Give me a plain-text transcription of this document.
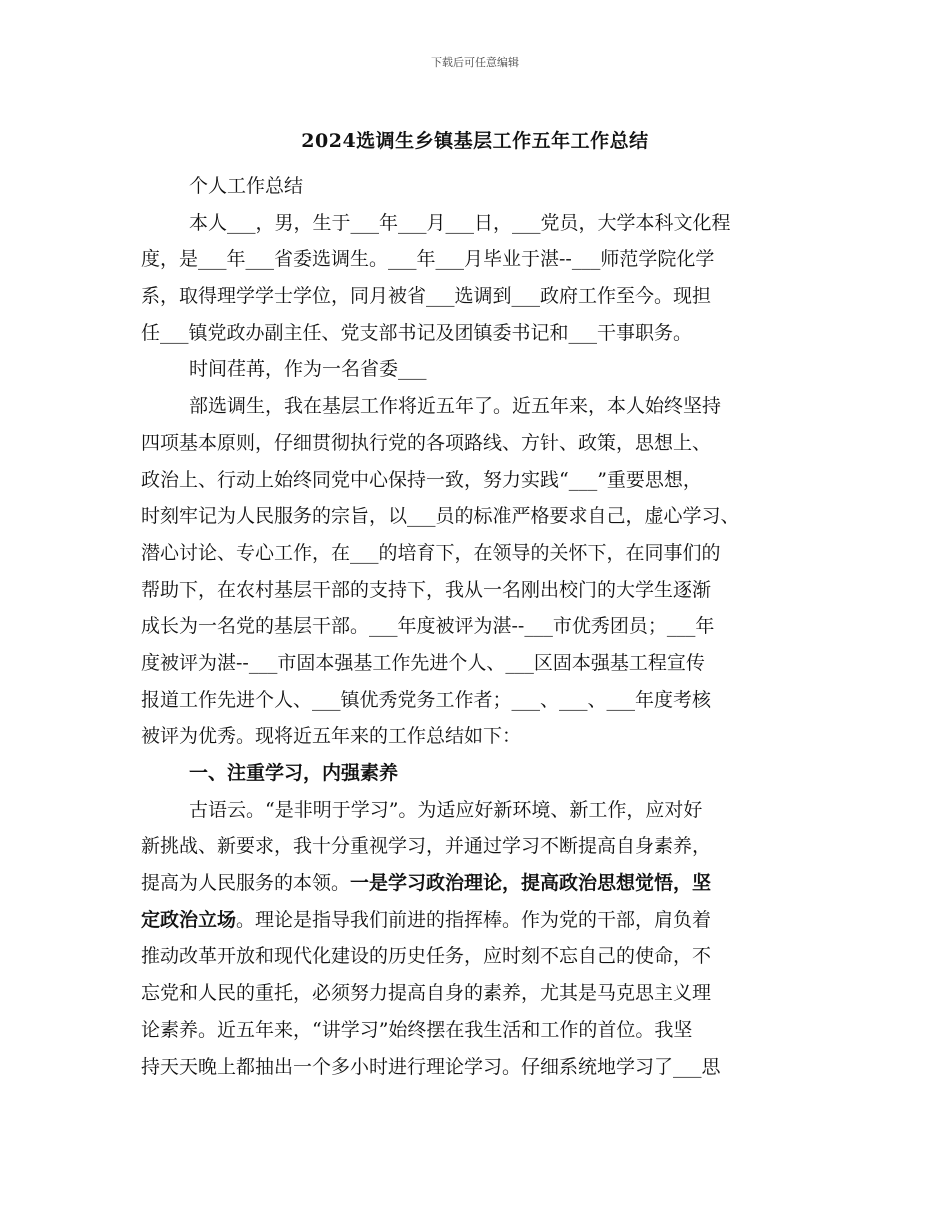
下载后可任意编辑
2024选调生乡镇基层工作五年工作总结
个人工作总结
本人___，男，生于___年___月___日，___党员，大学本科文化程
度，是___年___省委选调生。___年___月毕业于湛--___师范学院化学
系，取得理学学士学位，同月被省___选调到___政府工作至今。现担
任___镇党政办副主任、党支部书记及团镇委书记和___干事职务。
时间荏苒，作为一名省委___
部选调生，我在基层工作将近五年了。近五年来，本人始终坚持
四项基本原则，仔细贯彻执行党的各项路线、方针、政策，思想上、
政治上、行动上始终同党中心保持一致，努力实践“___”重要思想，
时刻牢记为人民服务的宗旨，以___员的标准严格要求自己，虚心学习、
潜心讨论、专心工作，在___的培育下，在领导的关怀下，在同事们的
帮助下，在农村基层干部的支持下，我从一名刚出校门的大学生逐渐
成长为一名党的基层干部。___年度被评为湛--___市优秀团员；___年
度被评为湛--___市固本强基工作先进个人、___区固本强基工程宣传
报道工作先进个人、___镇优秀党务工作者；___、___、___年度考核
被评为优秀。现将近五年来的工作总结如下：
一、注重学习，内强素养
古语云。“是非明于学习”。为适应好新环境、新工作，应对好
新挑战、新要求，我十分重视学习，并通过学习不断提高自身素养，
提高为人民服务的本领。一是学习政治理论，提高政治思想觉悟，坚
定政治立场。理论是指导我们前进的指挥棒。作为党的干部，肩负着
推动改革开放和现代化建设的历史任务，应时刻不忘自己的使命，不
忘党和人民的重托，必须努力提高自身的素养，尤其是马克思主义理
论素养。近五年来，“讲学习”始终摆在我生活和工作的首位。我坚
持天天晚上都抽出一个多小时进行理论学习。仔细系统地学习了___思
